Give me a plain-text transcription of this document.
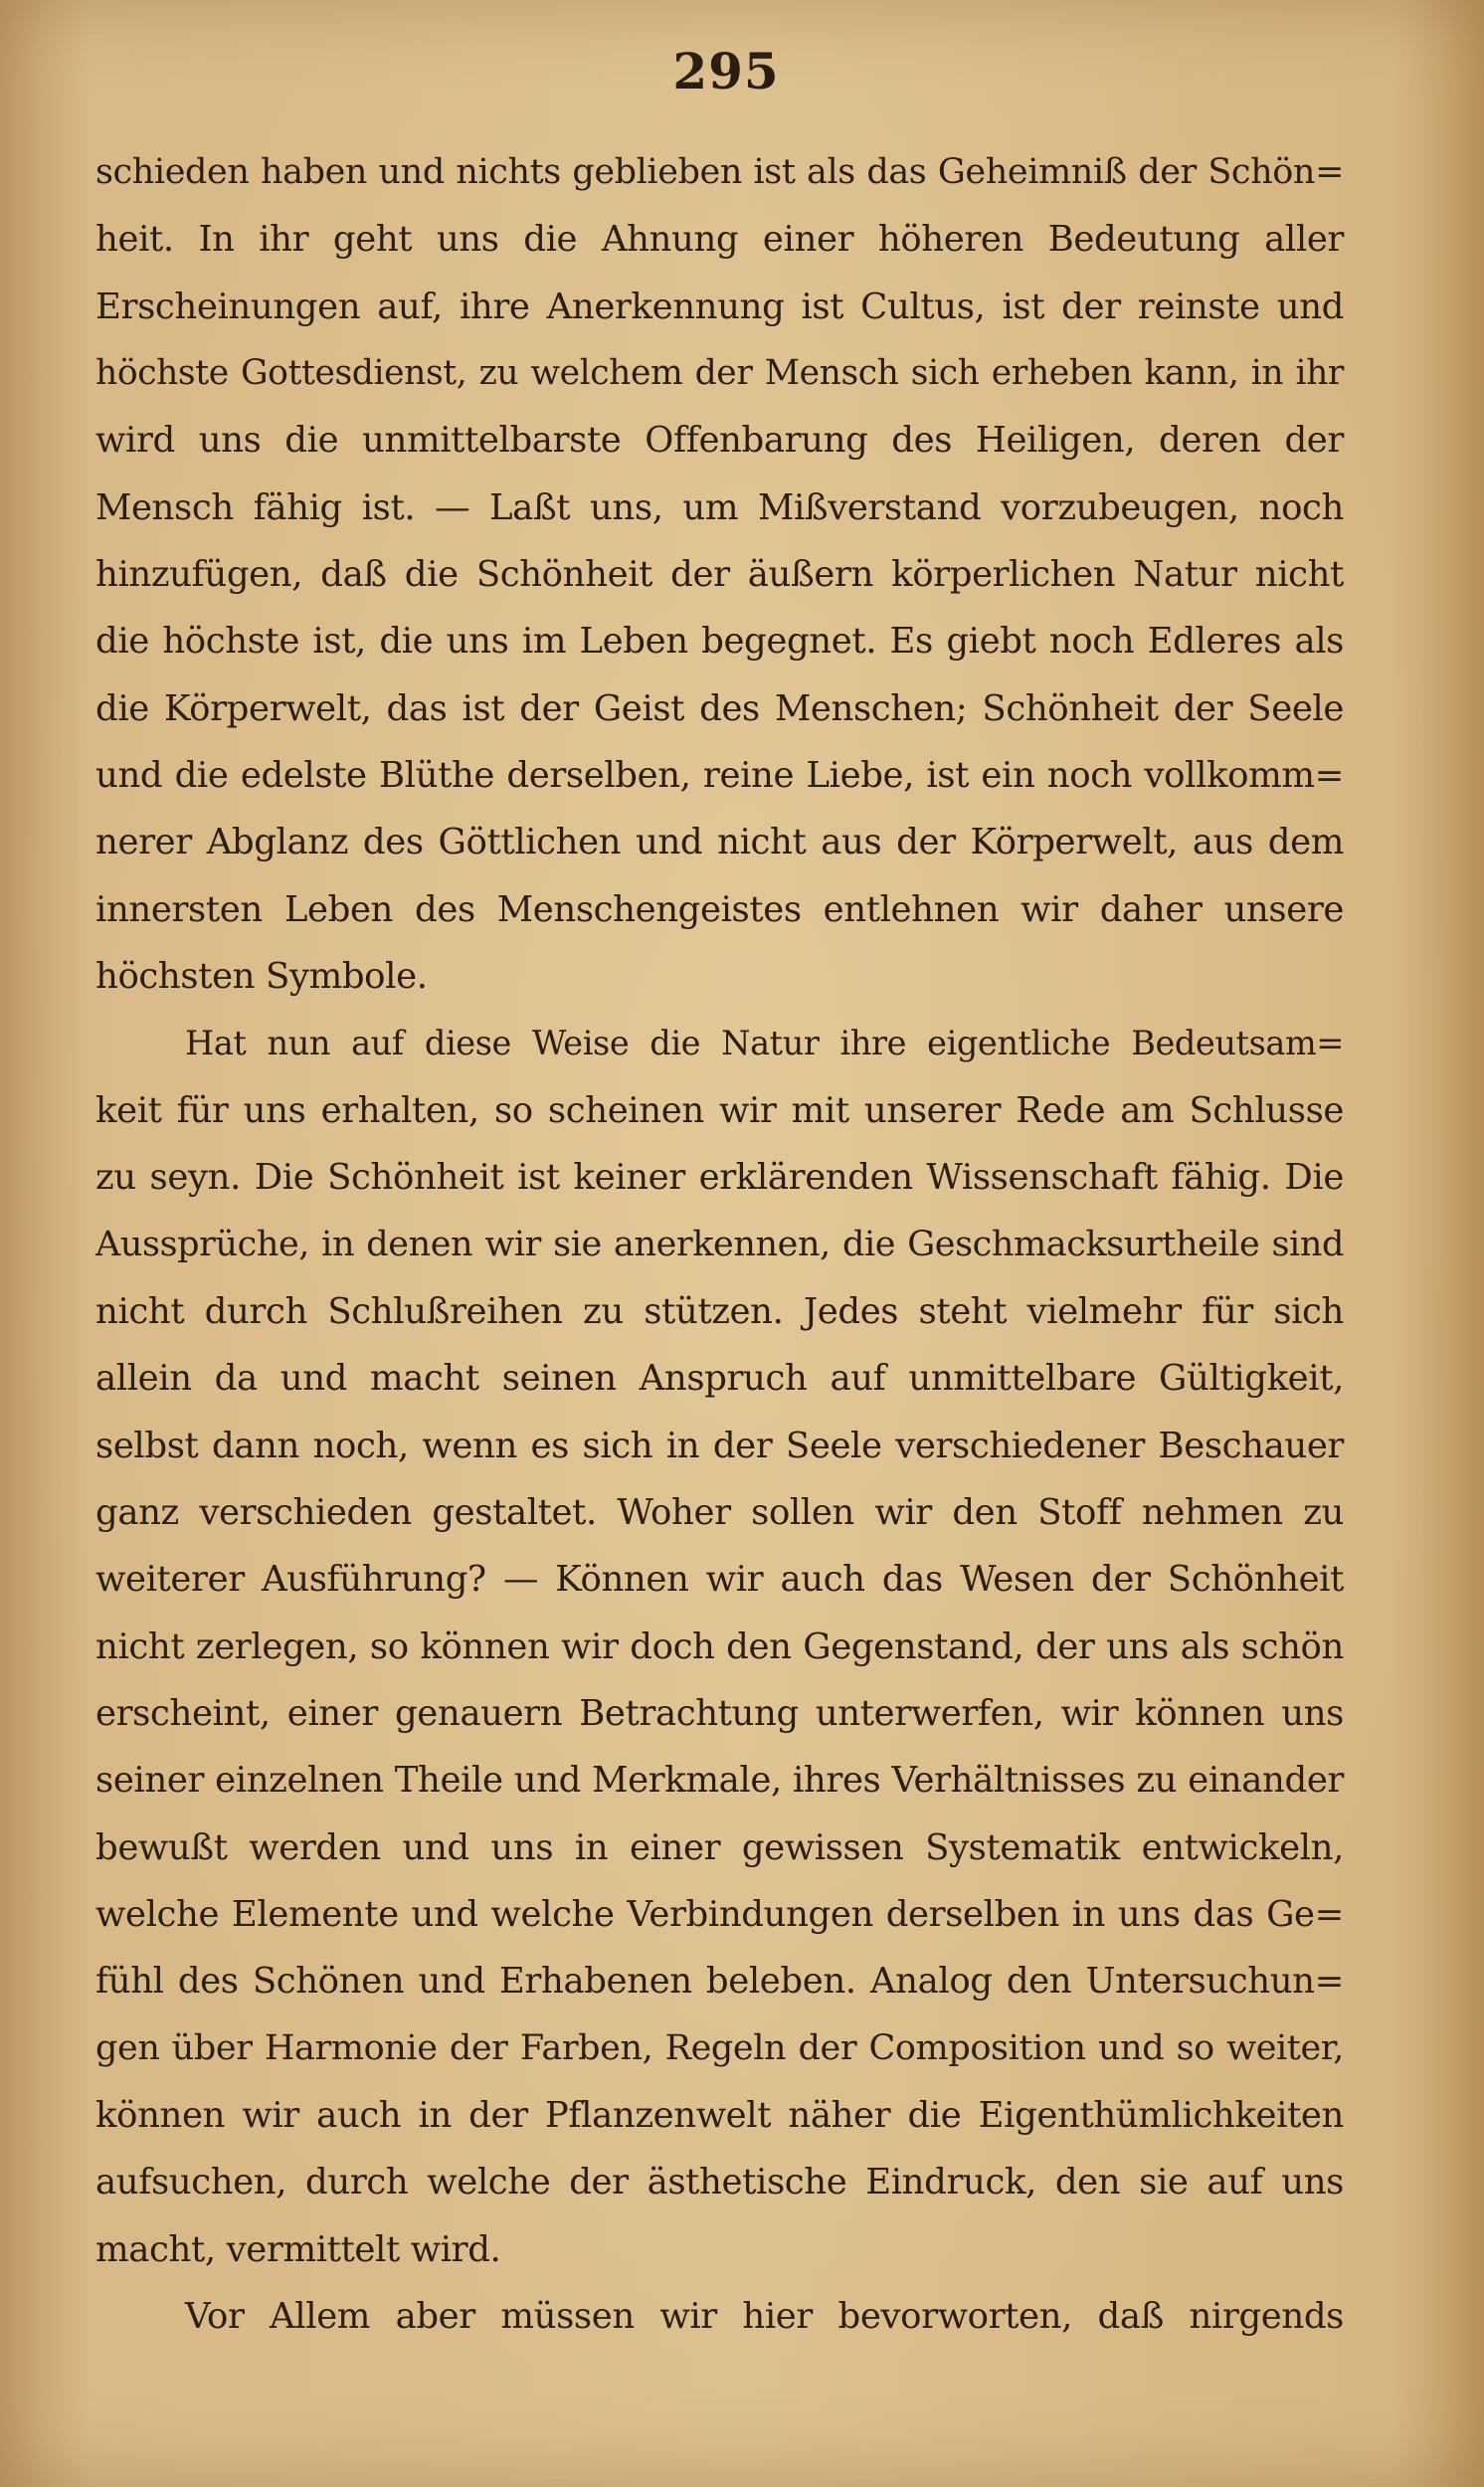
295
schieden haben und nichts geblieben ist als das Geheimniß der Schön=
heit. In ihr geht uns die Ahnung einer höheren Bedeutung aller
Erscheinungen auf, ihre Anerkennung ist Cultus, ist der reinste und
höchste Gottesdienst, zu welchem der Mensch sich erheben kann, in ihr
wird uns die unmittelbarste Offenbarung des Heiligen, deren der
Mensch fähig ist. — Laßt uns, um Mißverstand vorzubeugen, noch
hinzufügen, daß die Schönheit der äußern körperlichen Natur nicht
die höchste ist, die uns im Leben begegnet. Es giebt noch Edleres als
die Körperwelt, das ist der Geist des Menschen; Schönheit der Seele
und die edelste Blüthe derselben, reine Liebe, ist ein noch vollkomm=
nerer Abglanz des Göttlichen und nicht aus der Körperwelt, aus dem
innersten Leben des Menschengeistes entlehnen wir daher unsere
höchsten Symbole.
Hat nun auf diese Weise die Natur ihre eigentliche Bedeutsam=
keit für uns erhalten, so scheinen wir mit unserer Rede am Schlusse
zu seyn. Die Schönheit ist keiner erklärenden Wissenschaft fähig. Die
Aussprüche, in denen wir sie anerkennen, die Geschmacksurtheile sind
nicht durch Schlußreihen zu stützen. Jedes steht vielmehr für sich
allein da und macht seinen Anspruch auf unmittelbare Gültigkeit,
selbst dann noch, wenn es sich in der Seele verschiedener Beschauer
ganz verschieden gestaltet. Woher sollen wir den Stoff nehmen zu
weiterer Ausführung? — Können wir auch das Wesen der Schönheit
nicht zerlegen, so können wir doch den Gegenstand, der uns als schön
erscheint, einer genauern Betrachtung unterwerfen, wir können uns
seiner einzelnen Theile und Merkmale, ihres Verhältnisses zu einander
bewußt werden und uns in einer gewissen Systematik entwickeln,
welche Elemente und welche Verbindungen derselben in uns das Ge=
fühl des Schönen und Erhabenen beleben. Analog den Untersuchun=
gen über Harmonie der Farben, Regeln der Composition und so weiter,
können wir auch in der Pflanzenwelt näher die Eigenthümlichkeiten
aufsuchen, durch welche der ästhetische Eindruck, den sie auf uns
macht, vermittelt wird.
Vor Allem aber müssen wir hier bevorworten, daß nirgends
